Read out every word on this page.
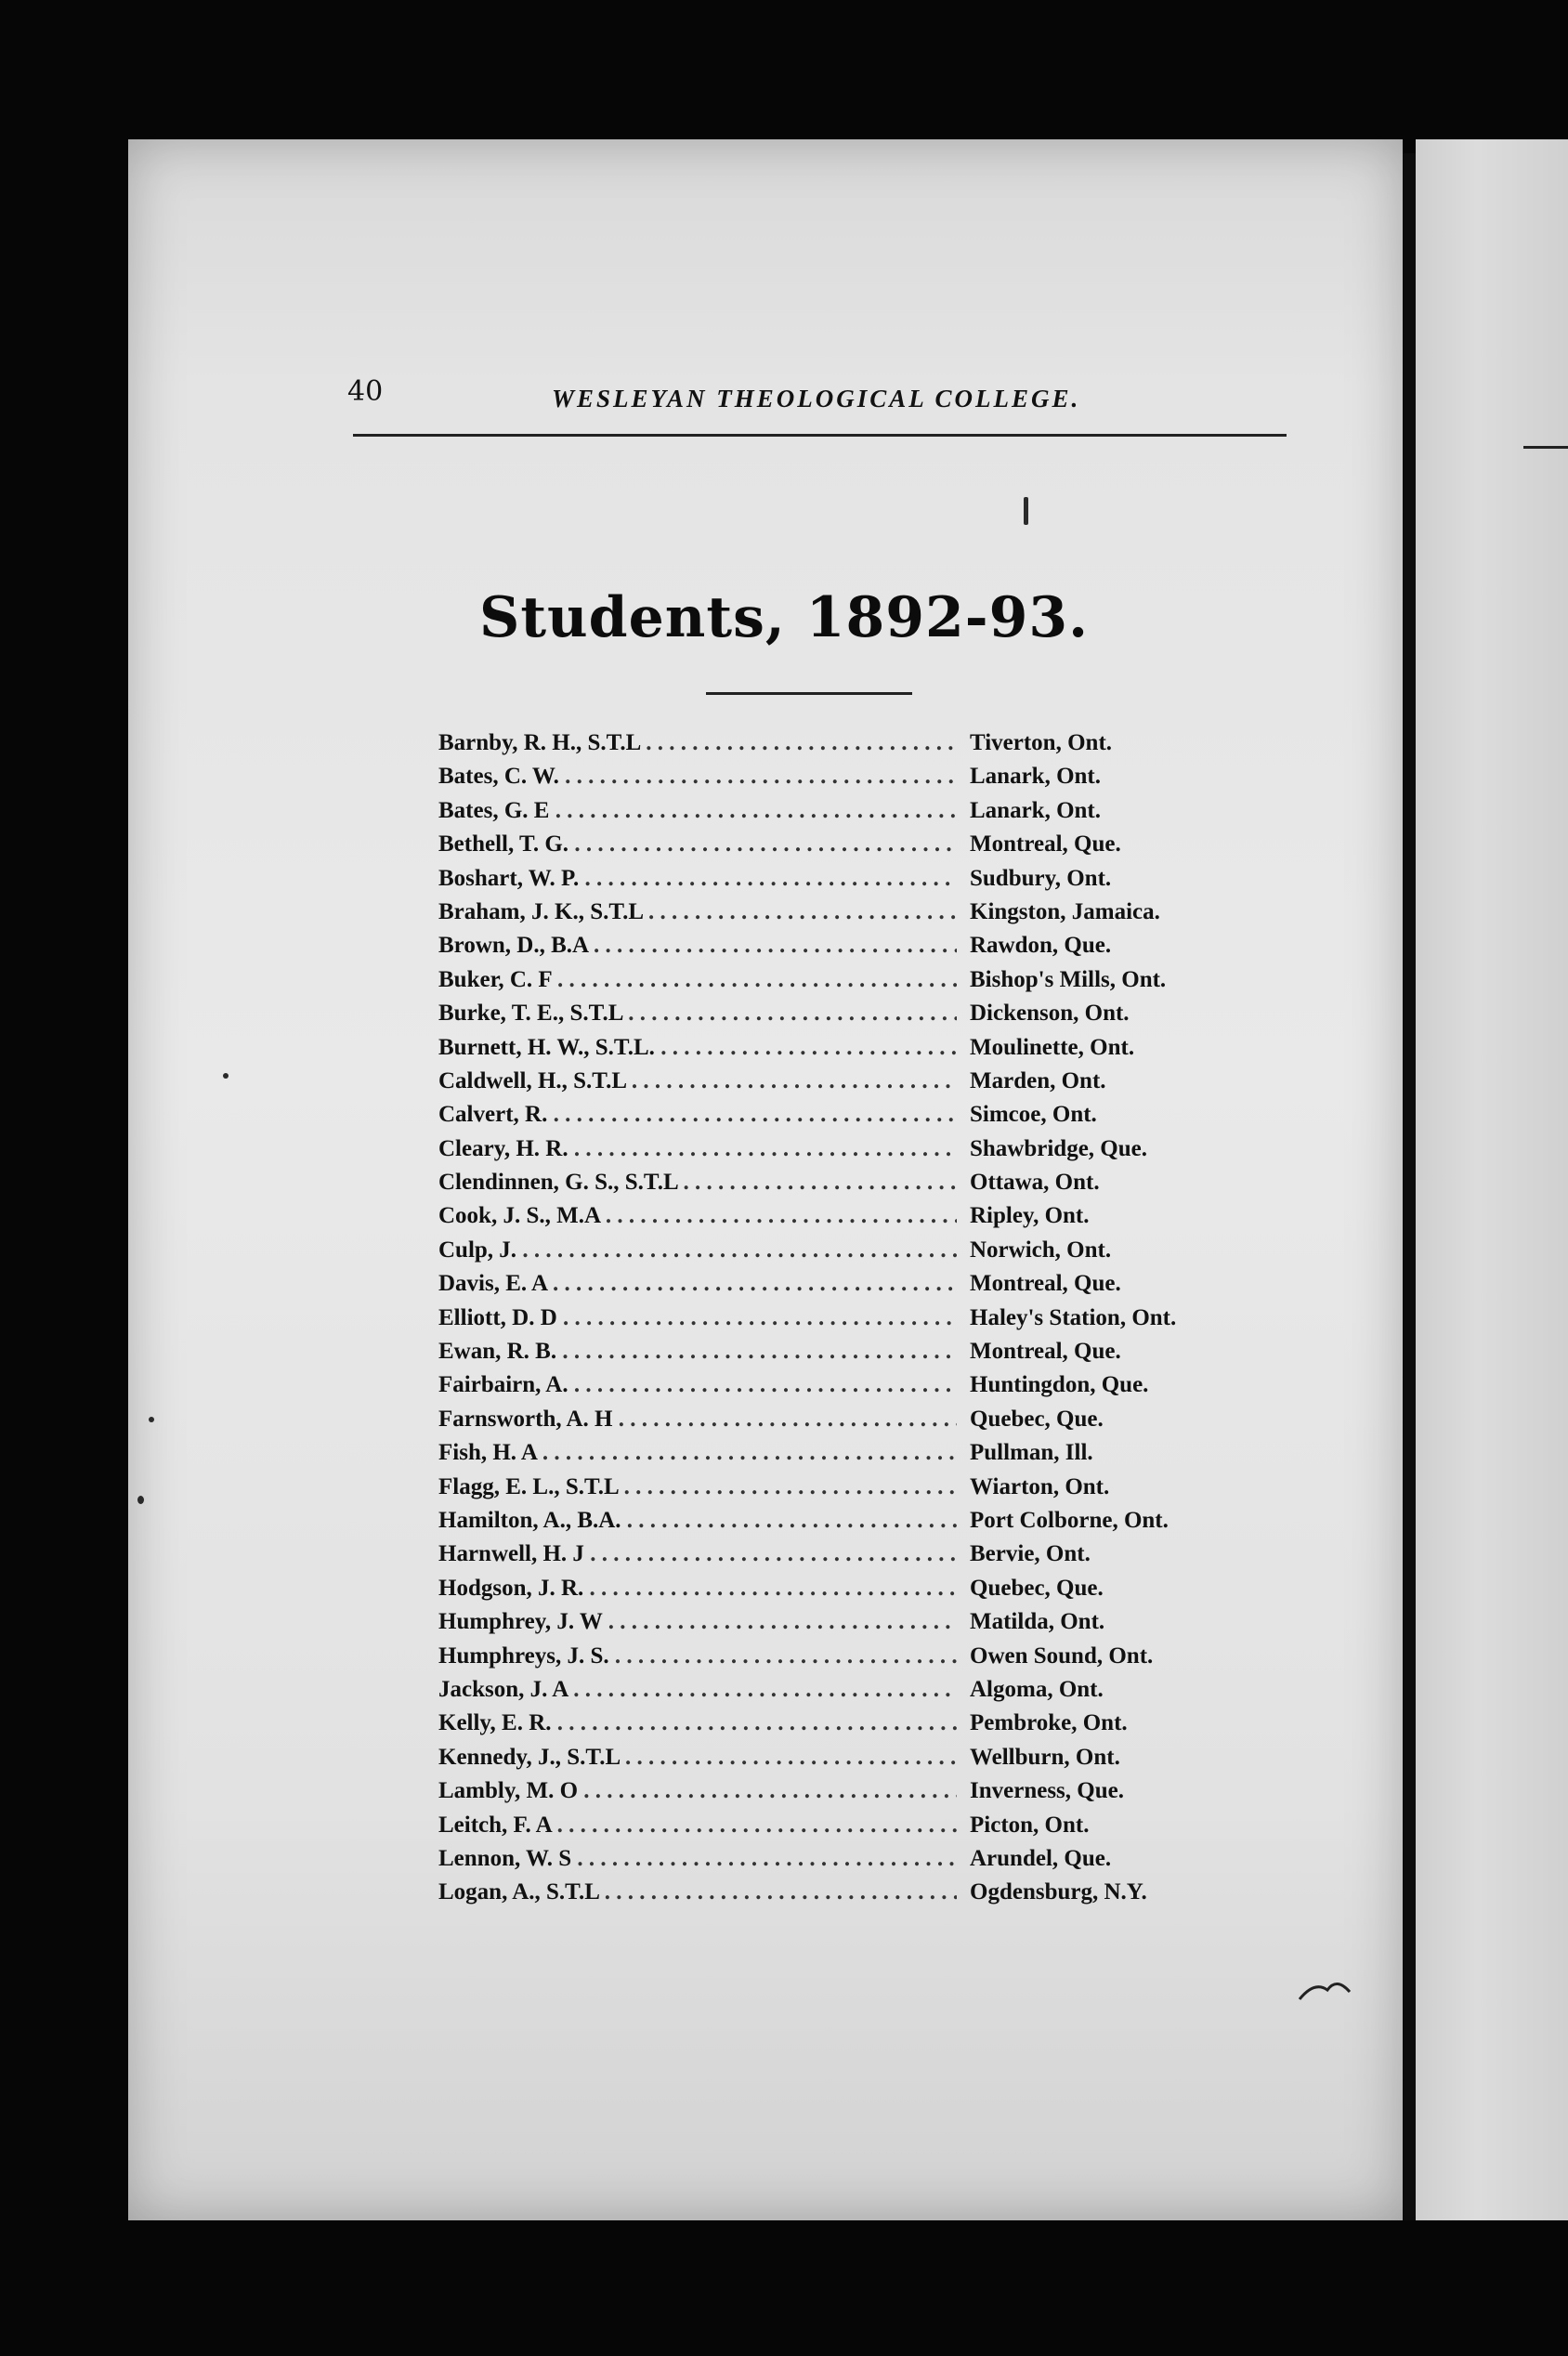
40	WESLEYAN THEOLOGICAL COLLEGE.
Students, 1892-93.
Barnby, R. H., S.T.L . . .	Tiverton, Ont.
Bates, C. W. . . .	Lanark, Ont.
Bates, G. E . . .	Lanark, Ont.
Bethell, T. G. . . .	Montreal, Que.
Boshart, W. P. . . .	Sudbury, Ont.
Braham, J. K., S.T.L . . .	Kingston, Jamaica.
Brown, D., B.A . . .	Rawdon, Que.
Buker, C. F . . .	Bishop's Mills, Ont.
Burke, T. E., S.T.L . . .	Dickenson, Ont.
Burnett, H. W., S.T.L. . . .	Moulinette, Ont.
Caldwell, H., S.T.L . . .	Marden, Ont.
Calvert, R. . . .	Simcoe, Ont.
Cleary, H. R. . . .	Shawbridge, Que.
Clendinnen, G. S., S.T.L . . .	Ottawa, Ont.
Cook, J. S., M.A . . .	Ripley, Ont.
Culp, J. . . .	Norwich, Ont.
Davis, E. A . . .	Montreal, Que.
Elliott, D. D . . .	Haley's Station, Ont.
Ewan, R. B. . . .	Montreal, Que.
Fairbairn, A. . . .	Huntingdon, Que.
Farnsworth, A. H . . .	Quebec, Que.
Fish, H. A . . .	Pullman, Ill.
Flagg, E. L., S.T.L . . .	Wiarton, Ont.
Hamilton, A., B.A. . . .	Port Colborne, Ont.
Harnwell, H. J . . .	Bervie, Ont.
Hodgson, J. R. . . .	Quebec, Que.
Humphrey, J. W . . .	Matilda, Ont.
Humphreys, J. S. . . .	Owen Sound, Ont.
Jackson, J. A . . .	Algoma, Ont.
Kelly, E. R. . . .	Pembroke, Ont.
Kennedy, J., S.T.L . . .	Wellburn, Ont.
Lambly, M. O . . .	Inverness, Que.
Leitch, F. A . . .	Picton, Ont.
Lennon, W. S . . .	Arundel, Que.
Logan, A., S.T.L . . .	Ogdensburg, N.Y.
